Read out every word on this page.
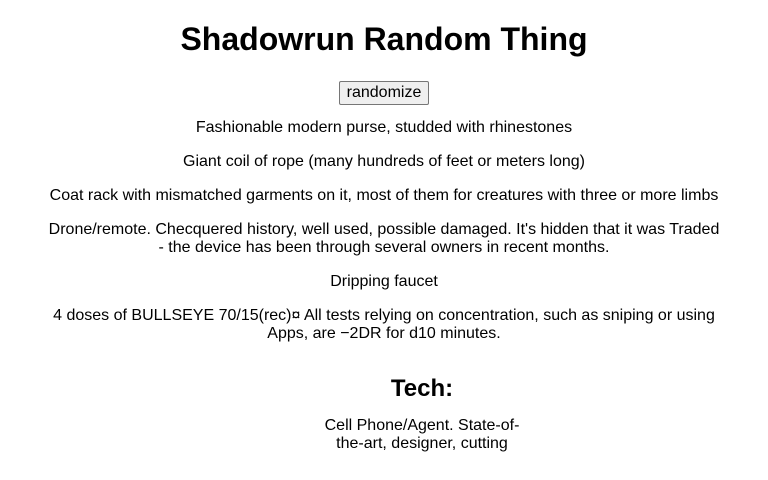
Shadowrun Random Thing
randomize

Fashionable modern purse, studded with rhinestones

Giant coil of rope (many hundreds of feet or meters long)

Coat rack with mismatched garments on it, most of them for creatures with three or more limbs

Drone/remote. Checquered history, well used, possible damaged. It's hidden that it was Traded - the device has been through several owners in recent months.

Dripping faucet

4 doses of BULLSEYE 70/15(rec)¤ All tests relying on concentration, such as sniping or using Apps, are −2DR for d10 minutes.

Tech:

Cell Phone/Agent. State-of-the-art, designer, cutting
